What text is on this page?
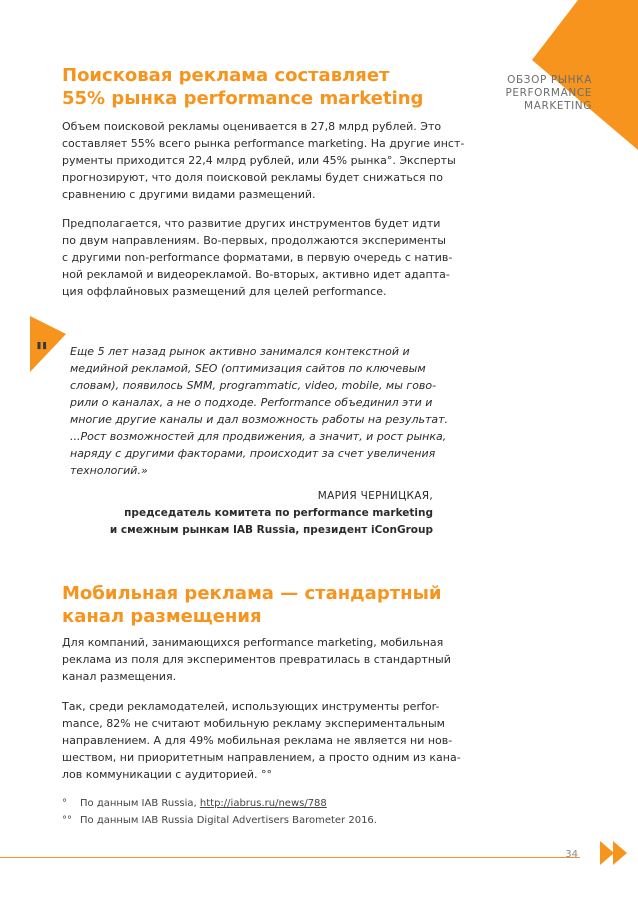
ОБЗОР РЫНКА
PERFORMANCE
MARKETING
Поисковая реклама составляет
55% рынка performance marketing

Объем поисковой рекламы оценивается в 27,8 млрд рублей. Это
составляет 55% всего рынка performance marketing. На другие инст-
рументы приходится 22,4 млрд рублей, или 45% рынка°. Эксперты
прогнозируют, что доля поисковой рекламы будет снижаться по
сравнению с другими видами размещений.

Предполагается, что развитие других инструментов будет идти
по двум направлениям. Во-первых, продолжаются эксперименты
с другими non-performance форматами, в первую очередь с натив-
ной рекламой и видеорекламой. Во-вторых, активно идет адапта-
ция оффлайновых размещений для целей performance.

" Еще 5 лет назад рынок активно занимался контекстной и
медийной рекламой, SEO (оптимизация сайтов по ключевым
словам), появилось SMM, programmatic, video, mobile, мы гово-
рили о каналах, а не о подходе. Performance объединил эти и
многие другие каналы и дал возможность работы на результат.
...Рост возможностей для продвижения, а значит, и рост рынка,
наряду с другими факторами, происходит за счет увеличения
технологий.»
МАРИЯ ЧЕРНИЦКАЯ,
председатель комитета по performance marketing
и смежным рынкам IAB Russia, президент iConGroup
Мобильная реклама — стандартный
канал размещения

Для компаний, занимающихся performance marketing, мобильная
реклама из поля для экспериментов превратилась в стандартный
канал размещения.

Так, среди рекламодателей, использующих инструменты perfor-
mance, 82% не считают мобильную рекламу экспериментальным
направлением. А для 49% мобильная реклама не является ни нов-
шеством, ни приоритетным направлением, а просто одним из кана-
лов коммуникации с аудиторией. °°

° По данным IAB Russia, http://iabrus.ru/news/788
°° По данным IAB Russia Digital Advertisers Barometer 2016.
34
